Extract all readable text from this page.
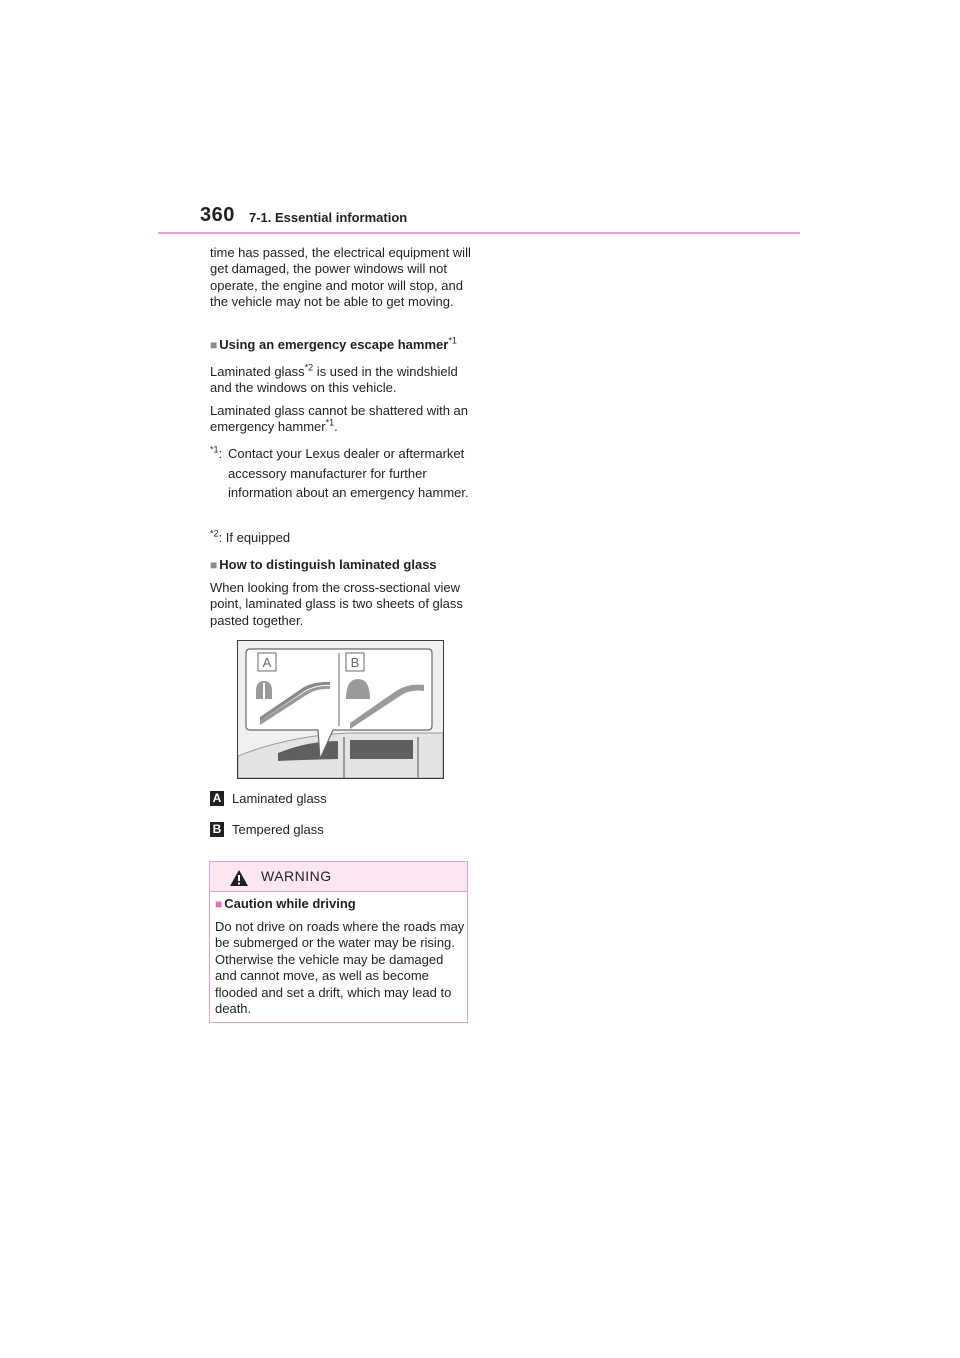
360 7-1. Essential information

time has passed, the electrical equipment will get damaged, the power windows will not operate, the engine and motor will stop, and the vehicle may not be able to get moving.

■ Using an emergency escape hammer$^{*1}$
Laminated glass$^{*2}$ is used in the windshield and the windows on this vehicle.
Laminated glass cannot be shattered with an emergency hammer$^{*1}$.
$^{*1}$: Contact your Lexus dealer or aftermarket accessory manufacturer for further information about an emergency hammer.
$^{*2}$: If equipped
■ How to distinguish laminated glass

When looking from the cross-sectional view point, laminated glass is two sheets of glass pasted together.

A	B
A Laminated glass
B Tempered glass
WARNING
■ Caution while driving
Do not drive on roads where the roads may be submerged or the water may be rising. Otherwise the vehicle may be damaged and cannot move, as well as become flooded and set a drift, which may lead to death.
